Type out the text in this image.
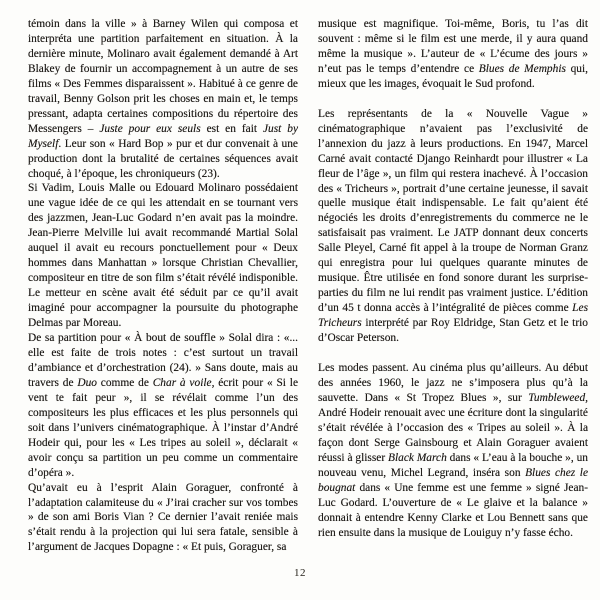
témoin dans la ville » à Barney Wilen qui composa et interpréta une partition parfaitement en situation. À la dernière minute, Molinaro avait également demandé à Art Blakey de fournir un accompagnement à un autre de ses films « Des Femmes disparaissent ». Habitué à ce genre de travail, Benny Golson prit les choses en main et, le temps pressant, adapta certaines compositions du répertoire des Messengers – Juste pour eux seuls est en fait Just by Myself. Leur son « Hard Bop » pur et dur convenait à une production dont la brutalité de certaines séquences avait choqué, à l’époque, les chroniqueurs (23).

Si Vadim, Louis Malle ou Edouard Molinaro possédaient une vague idée de ce qui les attendait en se tournant vers des jazzmen, Jean-Luc Godard n’en avait pas la moindre. Jean-Pierre Melville lui avait recommandé Martial Solal auquel il avait eu recours ponctuellement pour « Deux hommes dans Manhattan » lorsque Christian Chevallier, compositeur en titre de son film s’était révélé indisponible. Le metteur en scène avait été séduit par ce qu’il avait imaginé pour accompagner la poursuite du photographe Delmas par Moreau.

De sa partition pour « À bout de souffle » Solal dira : «... elle est faite de trois notes : c’est surtout un travail d’ambiance et d’orchestration (24). » Sans doute, mais au travers de Duo comme de Char à voile, écrit pour « Si le vent te fait peur », il se révélait comme l’un des compositeurs les plus efficaces et les plus personnels qui soit dans l’univers cinématographique. À l’instar d’André Hodeir qui, pour les « Les tripes au soleil », déclarait « avoir conçu sa partition un peu comme un commentaire d’opéra ».

Qu’avait eu à l’esprit Alain Goraguer, confronté à l’adaptation calamiteuse du « J’irai cracher sur vos tombes » de son ami Boris Vian ? Ce dernier l’avait reniée mais s’était rendu à la projection qui lui sera fatale, sensible à l’argument de Jacques Dopagne : « Et puis, Goraguer, sa

musique est magnifique. Toi-même, Boris, tu l’as dit souvent : même si le film est une merde, il y aura quand même la musique ». L’auteur de « L’écume des jours » n’eut pas le temps d’entendre ce Blues de Memphis qui, mieux que les images, évoquait le Sud profond.

Les représentants de la « Nouvelle Vague » cinématographique n’avaient pas l’exclusivité de l’annexion du jazz à leurs productions. En 1947, Marcel Carné avait contacté Django Reinhardt pour illustrer « La fleur de l’âge », un film qui restera inachevé. À l’occasion des « Tricheurs », portrait d’une certaine jeunesse, il savait quelle musique était indispensable. Le fait qu’aient été négociés les droits d’enregistrements du commerce ne le satisfaisait pas vraiment. Le JATP donnant deux concerts Salle Pleyel, Carné fit appel à la troupe de Norman Granz qui enregistra pour lui quelques quarante minutes de musique. Être utilisée en fond sonore durant les surprise-parties du film ne lui rendit pas vraiment justice. L’édition d’un 45 t donna accès à l’intégralité de pièces comme Les Tricheurs interprété par Roy Eldridge, Stan Getz et le trio d’Oscar Peterson.

Les modes passent. Au cinéma plus qu’ailleurs. Au début des années 1960, le jazz ne s’imposera plus qu’à la sauvette. Dans « St Tropez Blues », sur Tumbleweed, André Hodeir renouait avec une écriture dont la singularité s’était révélée à l’occasion des « Tripes au soleil ». À la façon dont Serge Gainsbourg et Alain Goraguer avaient réussi à glisser Black March dans « L’eau à la bouche », un nouveau venu, Michel Legrand, inséra son Blues chez le bougnat dans « Une femme est une femme » signé Jean-Luc Godard. L’ouverture de « Le glaive et la balance » donnait à entendre Kenny Clarke et Lou Bennett sans que rien ensuite dans la musique de Louiguy n’y fasse écho.

12
